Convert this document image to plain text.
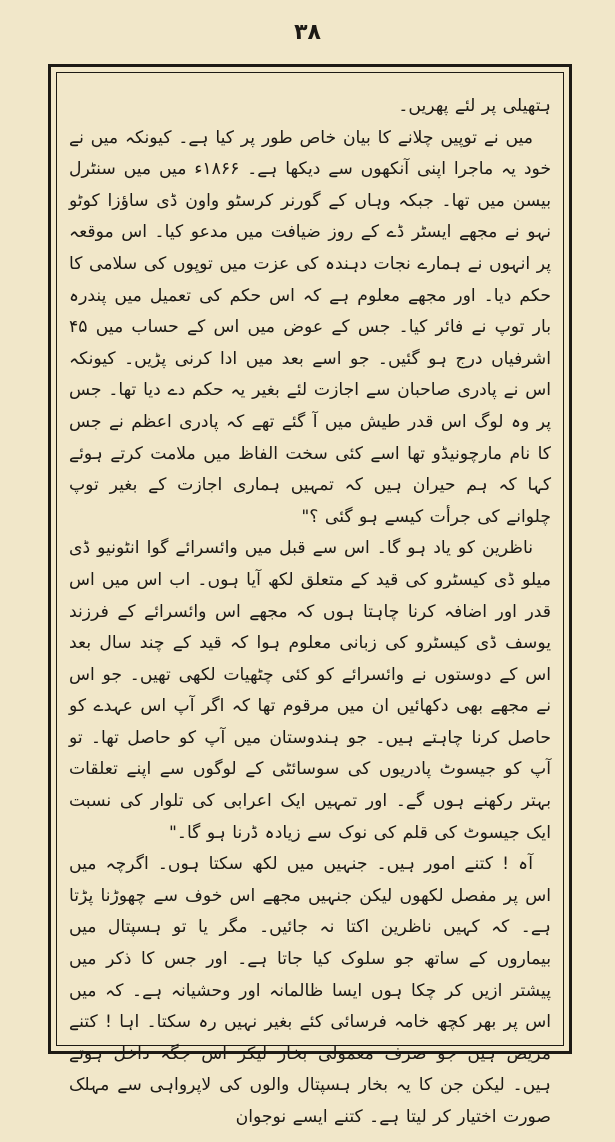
۳۸

ہتھیلی پر لئے پھریں۔

میں نے توپیں چلانے کا بیان خاص طور پر کیا ہے۔ کیونکہ میں نے خود یہ ماجرا اپنی آنکھوں سے دیکھا ہے۔ ۱۸۶۶ء میں میں سنٹرل بیسن میں تھا۔ جبکہ وہاں کے گورنر کرسٹو واون ڈی ساؤزا کوٹو نہو نے مجھے ایسٹر ڈے کے روز ضیافت میں مدعو کیا۔ اس موقعہ پر انہوں نے ہمارے نجات دہندہ کی عزت میں توپوں کی سلامی کا حکم دیا۔ اور مجھے معلوم ہے کہ اس حکم کی تعمیل میں پندرہ بار توپ نے فائر کیا۔ جس کے عوض میں اس کے حساب میں ۴۵ اشرفیاں درج ہو گئیں۔ جو اسے بعد میں ادا کرنی پڑیں۔ کیونکہ اس نے پادری صاحبان سے اجازت لئے بغیر یہ حکم دے دیا تھا۔ جس پر وہ لوگ اس قدر طیش میں آ گئے تھے کہ پادری اعظم نے جس کا نام مارچونیڈو تھا اسے کئی سخت الفاظ میں ملامت کرتے ہوئے کہا کہ ہم حیران ہیں کہ تمہیں ہماری اجازت کے بغیر توپ چلوانے کی جرأت کیسے ہو گئی ؟"

ناظرین کو یاد ہو گا۔ اس سے قبل میں وائسرائے گوا انٹونیو ڈی میلو ڈی کیسٹرو کی قید کے متعلق لکھ آیا ہوں۔ اب اس میں اس قدر اور اضافہ کرنا چاہتا ہوں کہ مجھے اس وائسرائے کے فرزند یوسف ڈی کیسٹرو کی زبانی معلوم ہوا کہ قید کے چند سال بعد اس کے دوستوں نے وائسرائے کو کئی چٹھیات لکھی تھیں۔ جو اس نے مجھے بھی دکھائیں ان میں مرقوم تھا کہ اگر آپ اس عہدے کو حاصل کرنا چاہتے ہیں۔ جو ہندوستان میں آپ کو حاصل تھا۔ تو آپ کو جیسوٹ پادریوں کی سوسائٹی کے لوگوں سے اپنے تعلقات بہتر رکھنے ہوں گے۔ اور تمہیں ایک اعرابی کی تلوار کی نسبت ایک جیسوٹ کی قلم کی نوک سے زیادہ ڈرنا ہو گا۔"

آہ ! کتنے امور ہیں۔ جنہیں میں لکھ سکتا ہوں۔ اگرچہ میں اس پر مفصل لکھوں لیکن جنہیں مجھے اس خوف سے چھوڑنا پڑتا ہے۔ کہ کہیں ناظرین اکتا نہ جائیں۔ مگر یا تو ہسپتال میں بیماروں کے ساتھ جو سلوک کیا جاتا ہے۔ اور جس کا ذکر میں پیشتر ازیں کر چکا ہوں ایسا ظالمانہ اور وحشیانہ ہے۔ کہ میں اس پر بھر کچھ خامہ فرسائی کئے بغیر نہیں رہ سکتا۔ اہا ! کتنے مریض ہیں جو صرف معمولی بخار لیکر اس جگہ داخل ہوتے ہیں۔ لیکن جن کا یہ بخار ہسپتال والوں کی لاپرواہی سے مہلک صورت اختیار کر لیتا ہے۔ کتنے ایسے نوجوان
